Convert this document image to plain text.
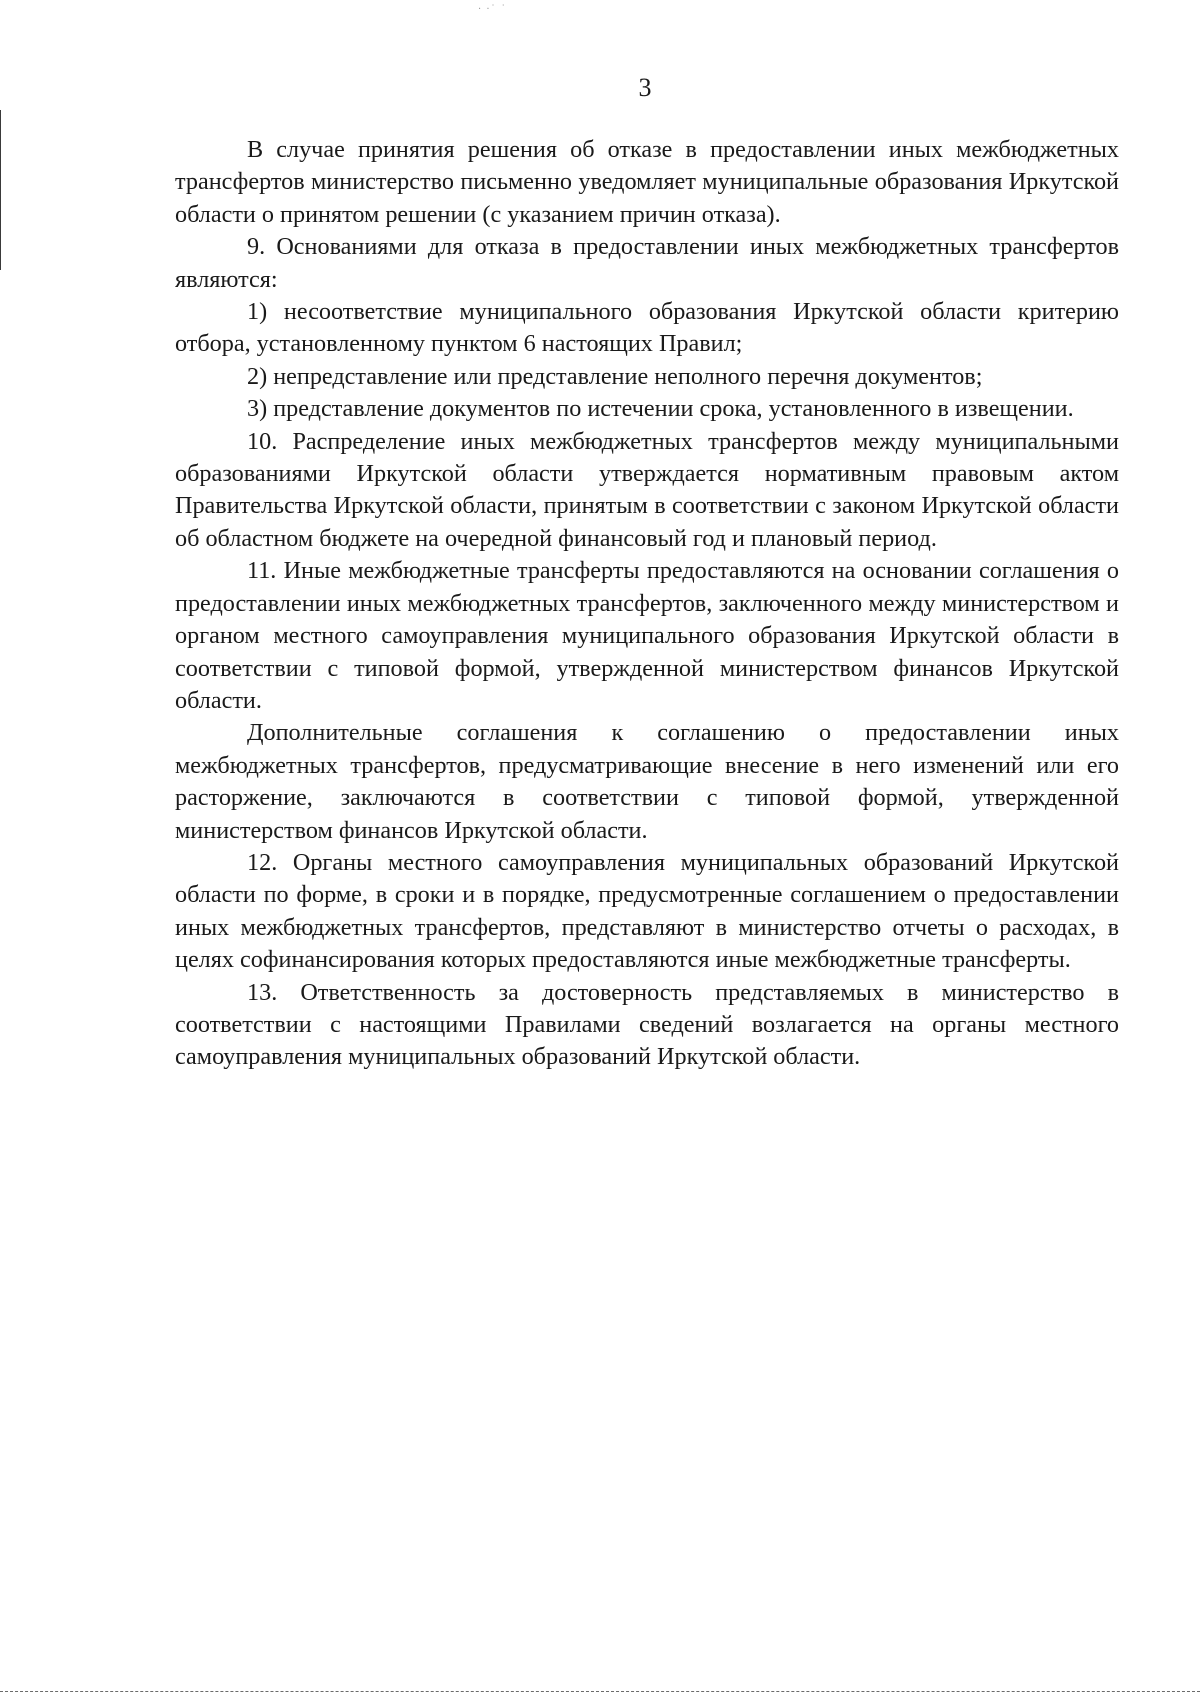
· ·˙ ˙
3

В случае принятия решения об отказе в предоставлении иных межбюджетных трансфертов министерство письменно уведомляет муниципальные образования Иркутской области о принятом решении (с указанием причин отказа).

9. Основаниями для отказа в предоставлении иных межбюджетных трансфертов являются:

1) несоответствие муниципального образования Иркутской области критерию отбора, установленному пунктом 6 настоящих Правил;

2) непредставление или представление неполного перечня документов;

3) представление документов по истечении срока, установленного в извещении.

10. Распределение иных межбюджетных трансфертов между муниципальными образованиями Иркутской области утверждается нормативным правовым актом Правительства Иркутской области, принятым в соответствии с законом Иркутской области об областном бюджете на очередной финансовый год и плановый период.

11. Иные межбюджетные трансферты предоставляются на основании соглашения о предоставлении иных межбюджетных трансфертов, заключенного между министерством и органом местного самоуправления муниципального образования Иркутской области в соответствии с типовой формой, утвержденной министерством финансов Иркутской области.

Дополнительные соглашения к соглашению о предоставлении иных межбюджетных трансфертов, предусматривающие внесение в него изменений или его расторжение, заключаются в соответствии с типовой формой, утвержденной министерством финансов Иркутской области.

12. Органы местного самоуправления муниципальных образований Иркутской области по форме, в сроки и в порядке, предусмотренные соглашением о предоставлении иных межбюджетных трансфертов, представляют в министерство отчеты о расходах, в целях софинансирования которых предоставляются иные межбюджетные трансферты.

13. Ответственность за достоверность представляемых в министерство в соответствии с настоящими Правилами сведений возлагается на органы местного самоуправления муниципальных образований Иркутской области.
